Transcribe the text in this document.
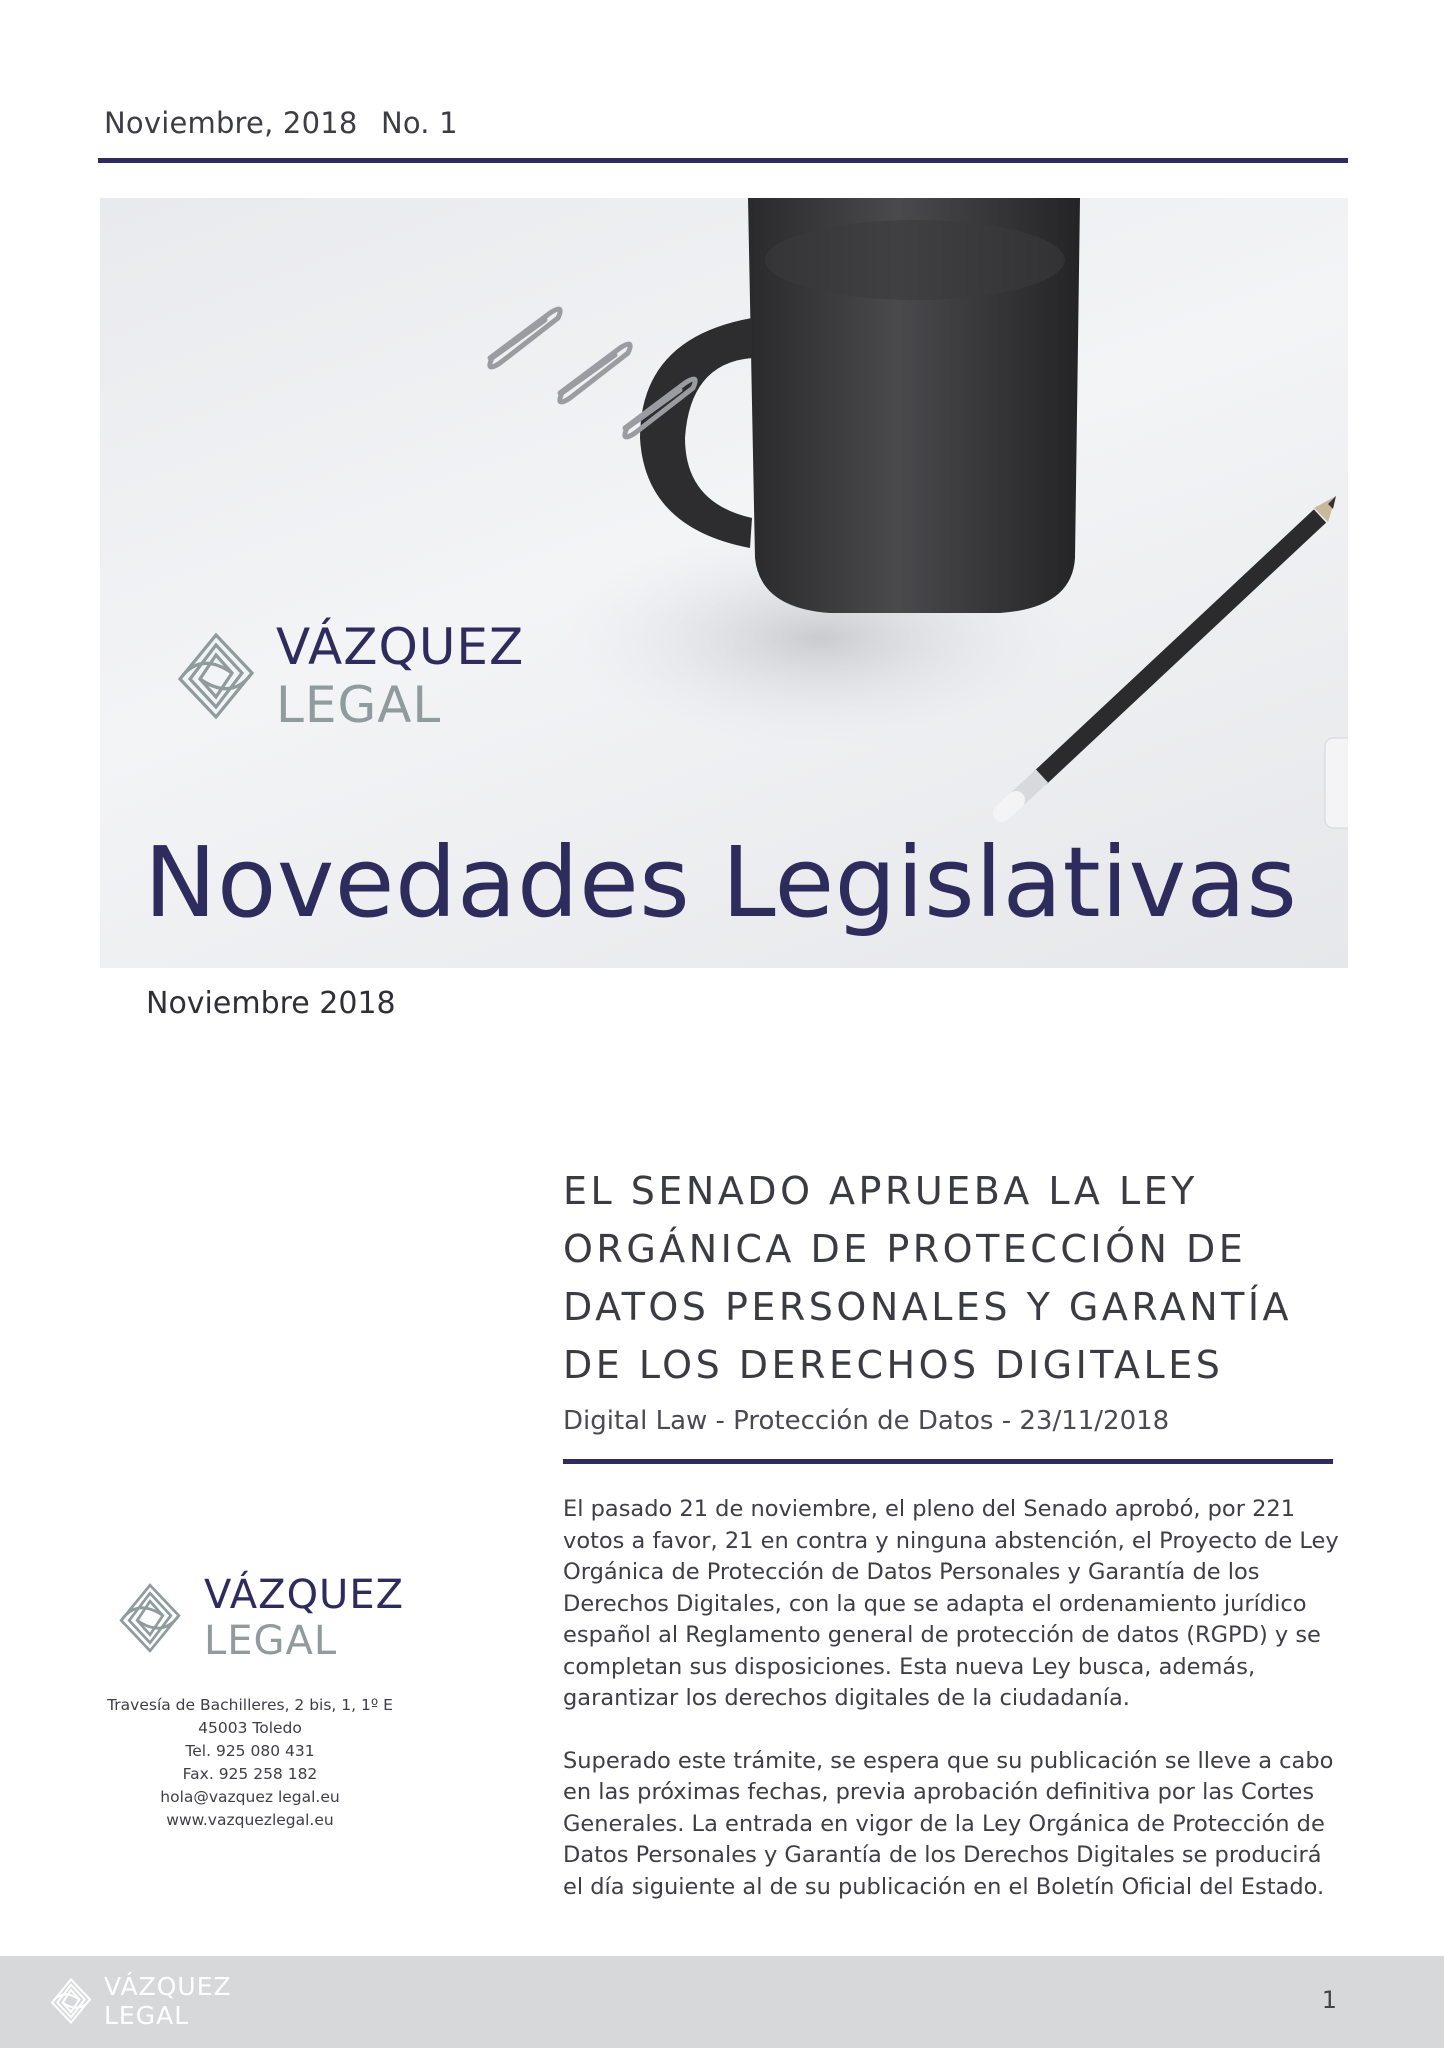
Noviembre, 2018 No. 1
VÁZQUEZ
LEGAL
Novedades Legislativas
Noviembre 2018
EL SENADO APRUEBA LA LEY
ORGÁNICA DE PROTECCIÓN DE
DATOS PERSONALES Y GARANTÍA
DE LOS DERECHOS DIGITALES
Digital Law - Protección de Datos - 23/11/2018

El pasado 21 de noviembre, el pleno del Senado aprobó, por 221 votos a favor, 21 en contra y ninguna abstención, el Proyecto de Ley Orgánica de Protección de Datos Personales y Garantía de los Derechos Digitales, con la que se adapta el ordenamiento jurídico español al Reglamento general de protección de datos (RGPD) y se completan sus disposiciones. Esta nueva Ley busca, además, garantizar los derechos digitales de la ciudadanía.

Superado este trámite, se espera que su publicación se lleve a cabo en las próximas fechas, previa aprobación definitiva por las Cortes Generales. La entrada en vigor de la Ley Orgánica de Protección de Datos Personales y Garantía de los Derechos Digitales se producirá el día siguiente al de su publicación en el Boletín Oficial del Estado.

VÁZQUEZ
LEGAL
Travesía de Bachilleres, 2 bis, 1, 1º E
45003 Toledo
Tel. 925 080 431
Fax. 925 258 182
hola@vazquez legal.eu
www.vazquezlegal.eu
VÁZQUEZ
LEGAL
1
